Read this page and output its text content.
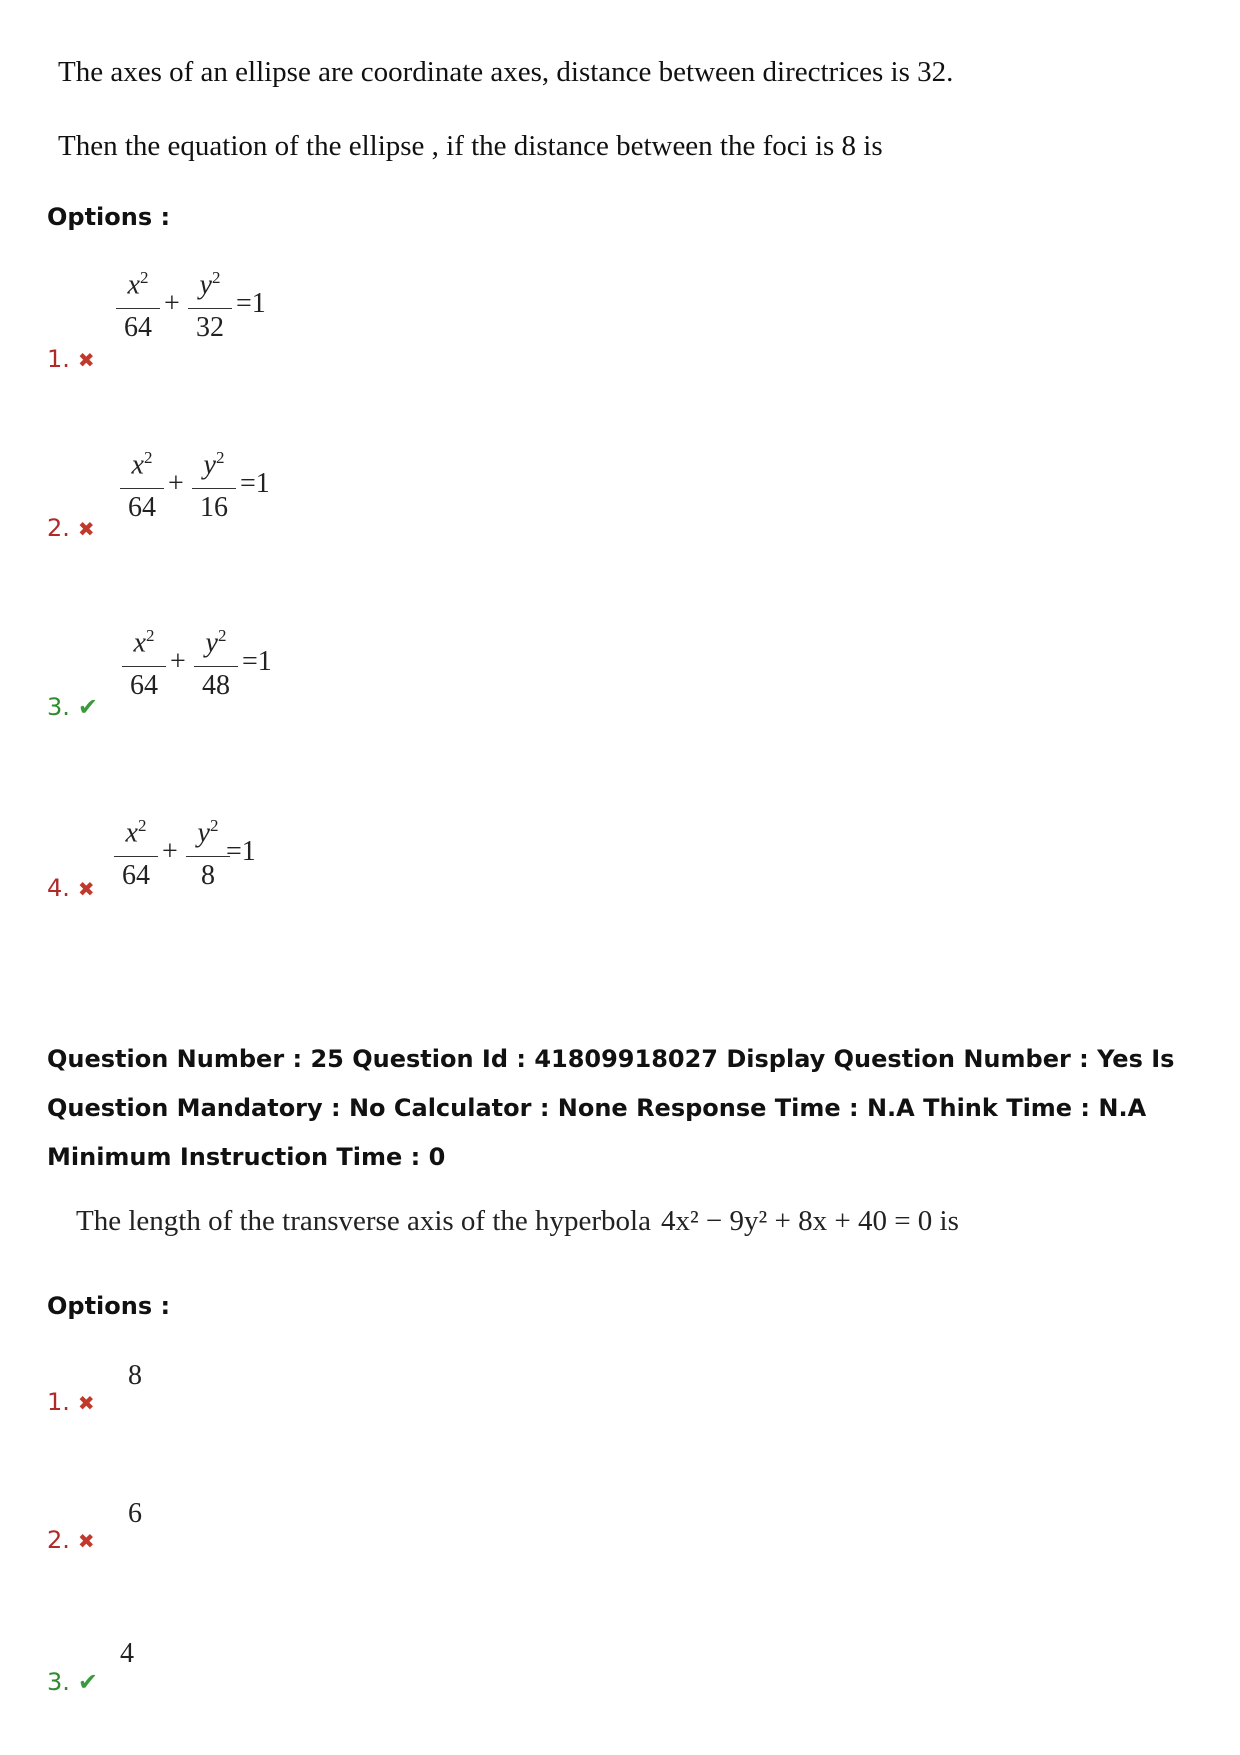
The axes of an ellipse are coordinate axes, distance between directrices is 32.
Then the equation of the ellipse , if the distance between the foci is 8 is
Options :
1. ✖
$x^2$
64
+
$y^2$
32
=1
2. ✖
$x^2$
64
+
$y^2$
16
=1
3. ✔
$x^2$
64
+
$y^2$
48
=1
4. ✖
$x^2$
64
+
$y^2$
8
=1
Question Number : 25 Question Id : 41809918027 Display Question Number : Yes Is Question Mandatory : No Calculator : None Response Time : N.A Think Time : N.A Minimum Instruction Time : 0
The length of the transverse axis of the hyperbola 4x² − 9y² + 8x + 40 = 0 is
Options :
1. ✖
8
2. ✖
6
3. ✔
4
